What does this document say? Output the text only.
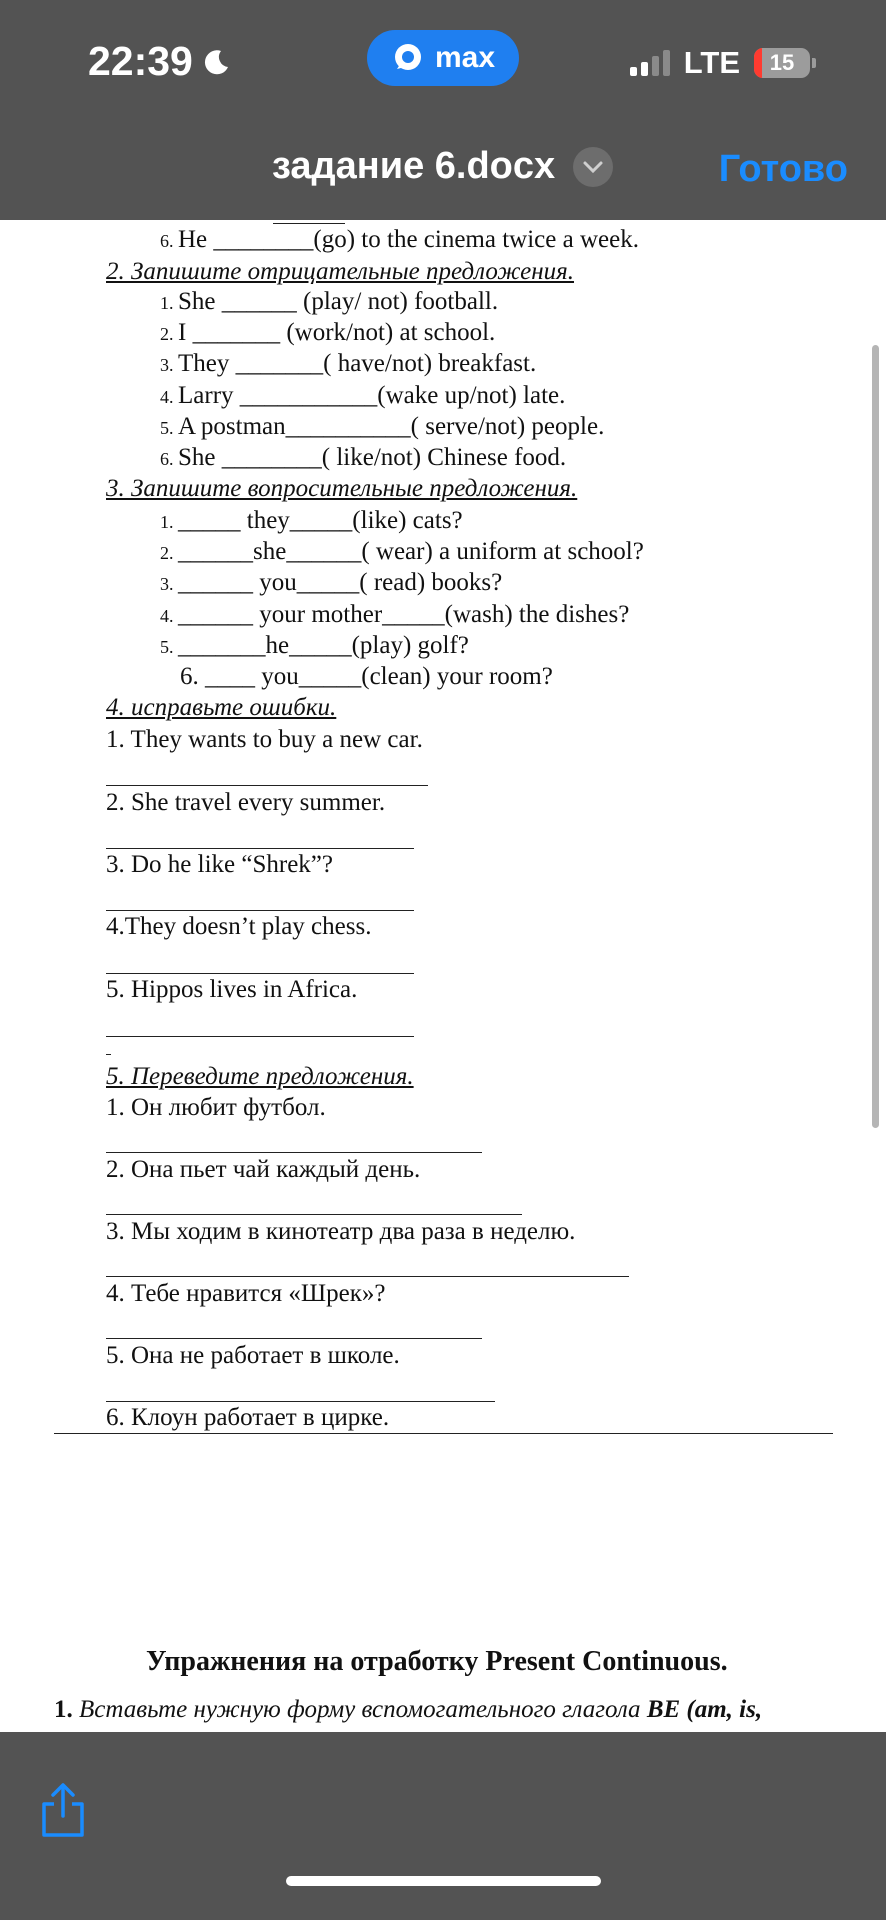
22:39	max	LTE 15
задание 6.docx	Готово
6. He ________(go) to the cinema twice a week.
2. Запишите отрицательные предложения.
1. She ______ (play/ not) football.
2. I _______ (work/not) at school.
3. They _______( have/not) breakfast.
4. Larry ___________(wake up/not) late.
5. A postman__________( serve/not) people.
6. She ________( like/not) Chinese food.
3. Запишите вопросительные предложения.
1. _____ they_____(like) cats?
2. ______she______( wear) a uniform at school?
3. ______ you_____( read) books?
4. ______ your mother_____(wash) the dishes?
5. _______he_____(play) golf?
6. ____ you_____(clean) your room?
4. исправьте ошибки.
1. They wants to buy a new car.
2. She travel every summer.
3. Do he like “Shrek”?
4.They doesn’t play chess.
5. Hippos lives in Africa.
5. Переведите предложения.
1. Он любит футбол.
2. Она пьет чай каждый день.
3. Мы ходим в кинотеатр два раза в неделю.
4. Тебе нравится «Шрек»?
5. Она не работает в школе.
6. Клоун работает в цирке.
Упражнения на отработку Present Continuous.
1. Вставьте нужную форму вспомогательного глагола BE (am, is,
